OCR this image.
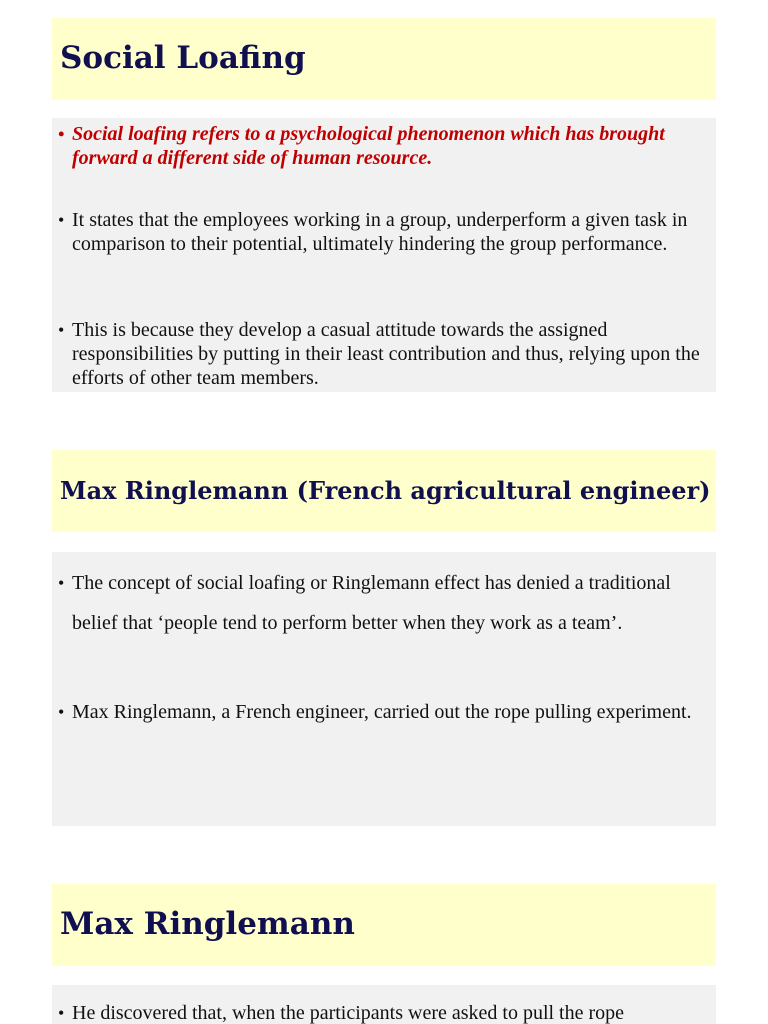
Social Loafing
• Social loafing refers to a psychological phenomenon which has brought forward a different side of human resource.
• It states that the employees working in a group, underperform a given task in comparison to their potential, ultimately hindering the group performance.
• This is because they develop a casual attitude towards the assigned responsibilities by putting in their least contribution and thus, relying upon the efforts of other team members.
Max Ringlemann (French agricultural engineer)
• The concept of social loafing or Ringlemann effect has denied a traditional belief that ‘people tend to perform better when they work as a team’.
• Max Ringlemann, a French engineer, carried out the rope pulling experiment.
Max Ringlemann
• He discovered that, when the participants were asked to pull the rope
